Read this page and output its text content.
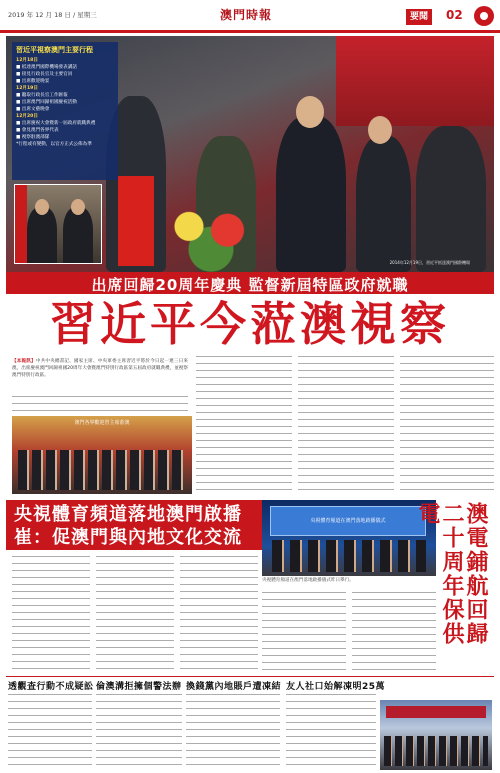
2019 年 12 月 18 日 / 星期三	澳門時報	要聞	02
2014年12月19日，習近平抵達澳門國際機場
習近平視察澳門主要行程
12月18日
■ 抵達澳門國際機場發表講話
■ 接見行政長官及主要官員
■ 出席歡迎晚宴
12月19日
■ 聽取行政長官工作匯報
■ 出席澳門回歸祖國慶祝活動
■ 出席文藝晚會
12月20日
■ 出席慶祝大會暨新一屆政府就職典禮
■ 會見澳門各界代表
■ 視察駐澳部隊
*行程或有變動，以官方正式公佈為準
出席回歸20周年慶典 監督新屆特區政府就職
習近平今蒞澳視察
【本報訊】中共中央總書記、國家主席、中央軍委主席習近平將於今日起一連三日來澳，出席慶祝澳門回歸祖國20周年大會暨澳門特別行政區第五屆政府就職典禮，並視察澳門特別行政區。
澳門各界歡迎習主席蒞澳
央視體育頻道落地澳門啟播
崔：促澳門與內地文化交流
央視體育頻道在澳門落地啟播儀式
央視體育頻道在澳門落地啟播儀式昨日舉行。	澳電鋪航回歸二十周年保供電
透觀查行動不成疑訟 倫澳溝拒擁個警法辦 換錢黨內地賬戶遭凍結 友人社口始解凍明25萬
